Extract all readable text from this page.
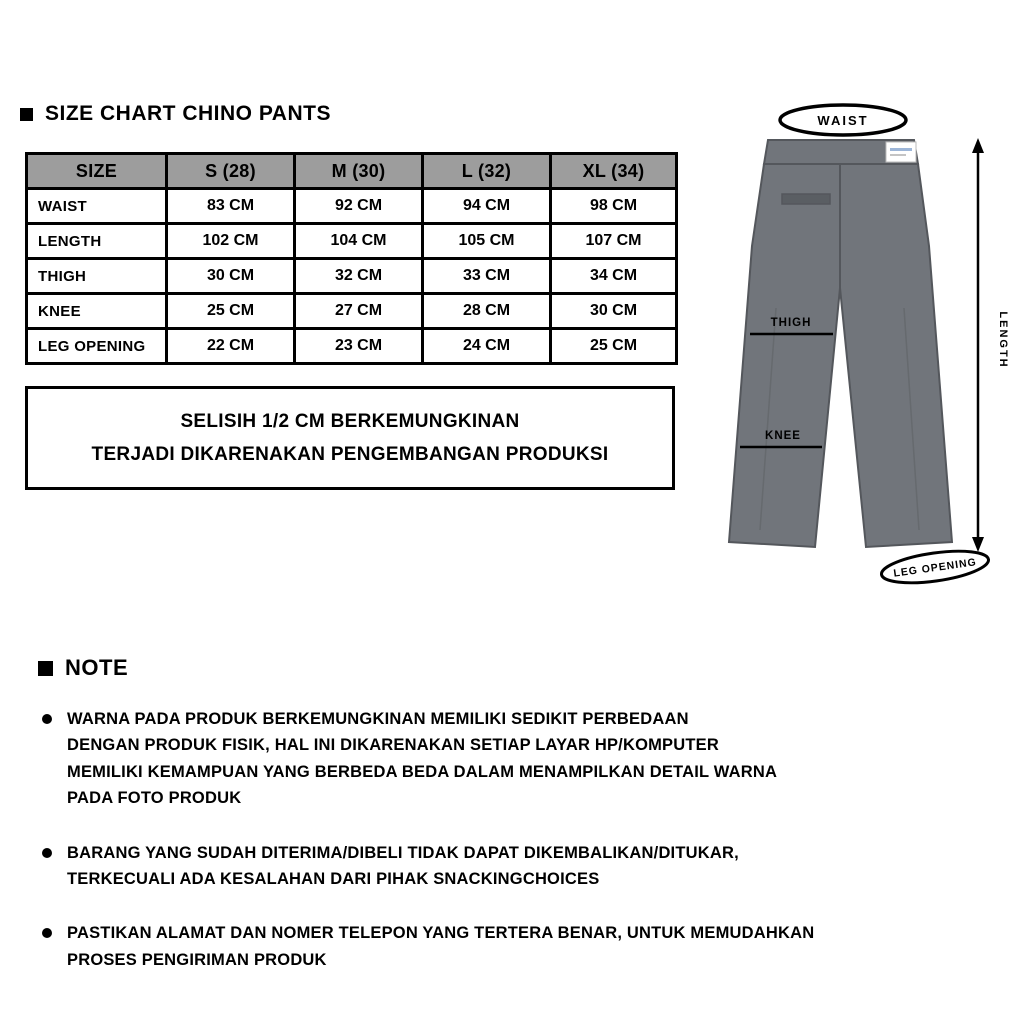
SIZE CHART CHINO PANTS
SIZE	S (28)	M (30)	L (32)	XL (34)
WAIST	83 CM	92 CM	94 CM	98 CM
LENGTH	102 CM	104 CM	105 CM	107 CM
THIGH	30 CM	32 CM	33 CM	34 CM
KNEE	25 CM	27 CM	28 CM	30 CM
LEG OPENING	22 CM	23 CM	24 CM	25 CM
SELISIH 1/2 CM BERKEMUNGKINAN
TERJADI DIKARENAKAN PENGEMBANGAN PRODUKSI
WAIST
THIGH
KNEE
LENGTH
LEG OPENING
NOTE
WARNA PADA PRODUK BERKEMUNGKINAN MEMILIKI SEDIKIT PERBEDAAN
DENGAN PRODUK FISIK, HAL INI DIKARENAKAN SETIAP LAYAR HP/KOMPUTER
MEMILIKI KEMAMPUAN YANG BERBEDA BEDA DALAM MENAMPILKAN DETAIL WARNA
PADA FOTO PRODUK
BARANG YANG SUDAH DITERIMA/DIBELI TIDAK DAPAT DIKEMBALIKAN/DITUKAR,
TERKECUALI ADA KESALAHAN DARI PIHAK SNACKINGCHOICES
PASTIKAN ALAMAT DAN NOMER TELEPON YANG TERTERA BENAR, UNTUK MEMUDAHKAN
PROSES PENGIRIMAN PRODUK
